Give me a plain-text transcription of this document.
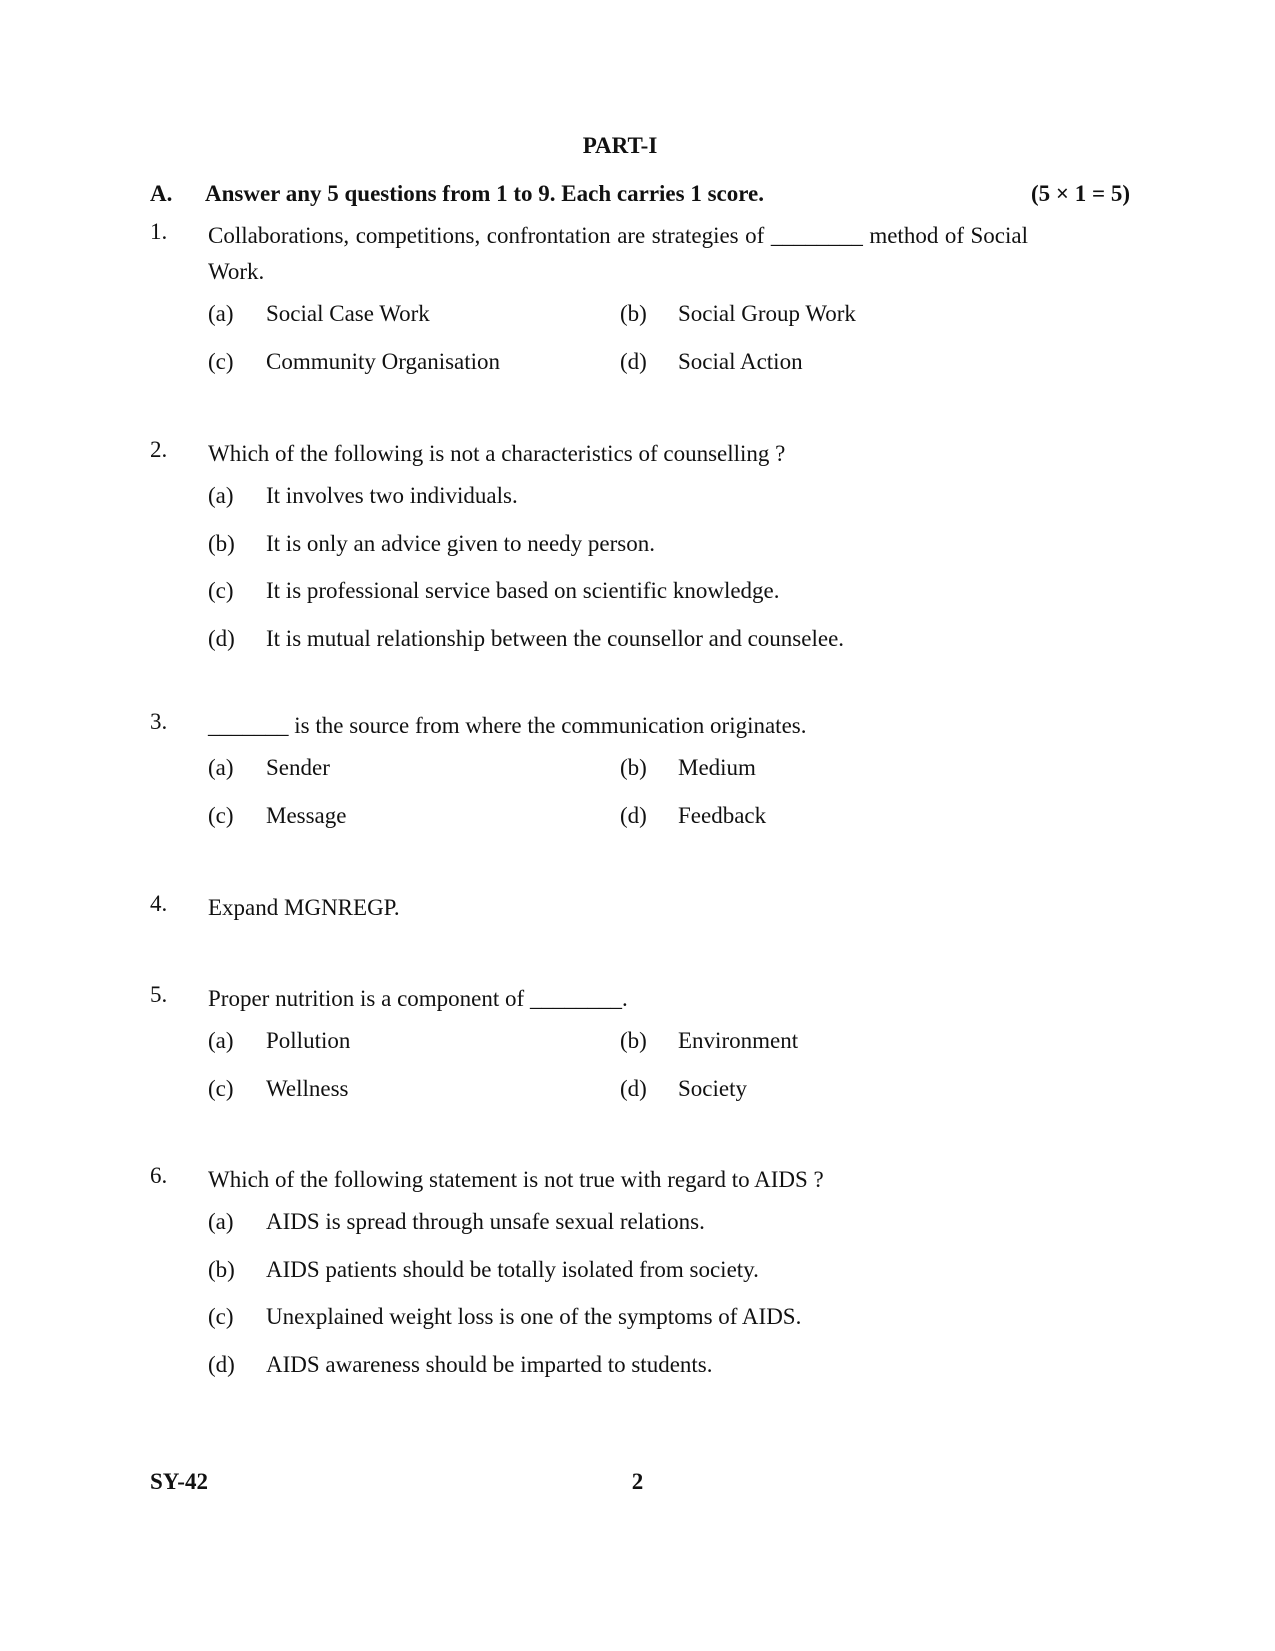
PART-I
A. Answer any 5 questions from 1 to 9. Each carries 1 score.	(5 × 1 = 5)
1. Collaborations, competitions, confrontation are strategies of ________ method of Social Work.
(a) Social Case Work	(b) Social Group Work
(c) Community Organisation	(d) Social Action
2. Which of the following is not a characteristics of counselling ?
(a) It involves two individuals.
(b) It is only an advice given to needy person.
(c) It is professional service based on scientific knowledge.
(d) It is mutual relationship between the counsellor and counselee.
3. _______ is the source from where the communication originates.
(a) Sender	(b) Medium
(c) Message	(d) Feedback
4. Expand MGNREGP.
5. Proper nutrition is a component of ________.
(a) Pollution	(b) Environment
(c) Wellness	(d) Society
6. Which of the following statement is not true with regard to AIDS ?
(a) AIDS is spread through unsafe sexual relations.
(b) AIDS patients should be totally isolated from society.
(c) Unexplained weight loss is one of the symptoms of AIDS.
(d) AIDS awareness should be imparted to students.
SY-42	2
